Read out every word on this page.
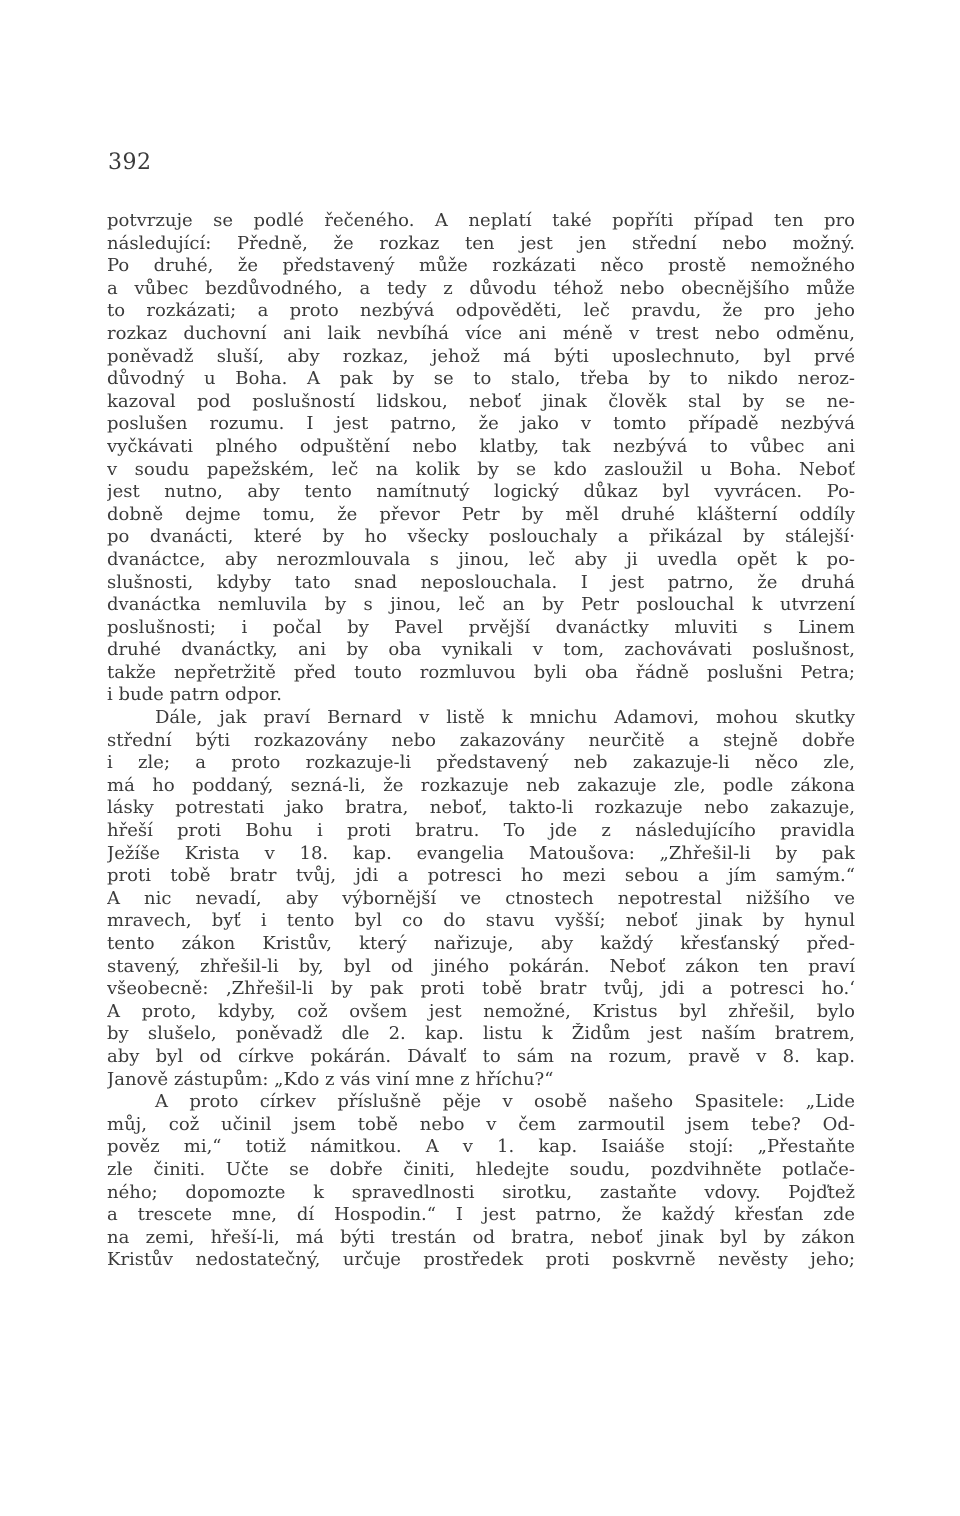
392
potvrzuje se podlé řečeného. A neplatí také popříti případ ten pro
následující: Předně, že rozkaz ten jest jen střední nebo možný.
Po druhé, že představený může rozkázati něco prostě nemožného
a vůbec bezdůvodného, a tedy z důvodu téhož nebo obecnějšího může
to rozkázati; a proto nezbývá odpověděti, leč pravdu, že pro jeho
rozkaz duchovní ani laik nevbíhá více ani méně v trest nebo odměnu,
poněvadž sluší, aby rozkaz, jehož má býti uposlechnuto, byl prvé
důvodný u Boha. A pak by se to stalo, třeba by to nikdo neroz-
kazoval pod poslušností lidskou, neboť jinak člověk stal by se ne-
poslušen rozumu. I jest patrno, že jako v tomto případě nezbývá
vyčkávati plného odpuštění nebo klatby, tak nezbývá to vůbec ani
v soudu papežském, leč na kolik by se kdo zasloužil u Boha. Neboť
jest nutno, aby tento namítnutý logický důkaz byl vyvrácen. Po-
dobně dejme tomu, že převor Petr by měl druhé klášterní oddíly
po dvanácti, které by ho všecky poslouchaly a přikázal by stálejší·
dvanáctce, aby nerozmlouvala s jinou, leč aby ji uvedla opět k po-
slušnosti, kdyby tato snad neposlouchala. I jest patrno, že druhá
dvanáctka nemluvila by s jinou, leč an by Petr poslouchal k utvrzení
poslušnosti; i počal by Pavel prvější dvanáctky mluviti s Linem
druhé dvanáctky, ani by oba vynikali v tom, zachovávati poslušnost,
takže nepřetržitě před touto rozmluvou byli oba řádně poslušni Petra;
i bude patrn odpor.
Dále, jak praví Bernard v listě k mnichu Adamovi, mohou skutky
střední býti rozkazovány nebo zakazovány neurčitě a stejně dobře
i zle; a proto rozkazuje-li představený neb zakazuje-li něco zle,
má ho poddaný, sezná-li, že rozkazuje neb zakazuje zle, podle zákona
lásky potrestati jako bratra, neboť, takto-li rozkazuje nebo zakazuje,
hřeší proti Bohu i proti bratru. To jde z následujícího pravidla
Ježíše Krista v 18. kap. evangelia Matoušova: „Zhřešil-li by pak
proti tobě bratr tvůj, jdi a potresci ho mezi sebou a jím samým.“
A nic nevadí, aby výbornější ve ctnostech nepotrestal nižšího ve
mravech, byť i tento byl co do stavu vyšší; neboť jinak by hynul
tento zákon Kristův, který nařizuje, aby každý křesťanský před-
stavený, zhřešil-li by, byl od jiného pokárán. Neboť zákon ten praví
všeobecně: ‚Zhřešil-li by pak proti tobě bratr tvůj, jdi a potresci ho.‘
A proto, kdyby, což ovšem jest nemožné, Kristus byl zhřešil, bylo
by slušelo, poněvadž dle 2. kap. listu k Židům jest naším bratrem,
aby byl od církve pokárán. Dávalť to sám na rozum, pravě v 8. kap.
Janově zástupům: „Kdo z vás viní mne z hříchu?“
A proto církev příslušně pěje v osobě našeho Spasitele: „Lide
můj, což učinil jsem tobě nebo v čem zarmoutil jsem tebe? Od-
pověz mi,“ totiž námitkou. A v 1. kap. Isaiáše stojí: „Přestaňte
zle činiti. Učte se dobře činiti, hledejte soudu, pozdvihněte potlače-
ného; dopomozte k spravedlnosti sirotku, zastaňte vdovy. Pojďtež
a trescete mne, dí Hospodin.“ I jest patrno, že každý křesťan zde
na zemi, hřeší-li, má býti trestán od bratra, neboť jinak byl by zákon
Kristův nedostatečný, určuje prostředek proti poskvrně nevěsty jeho;
